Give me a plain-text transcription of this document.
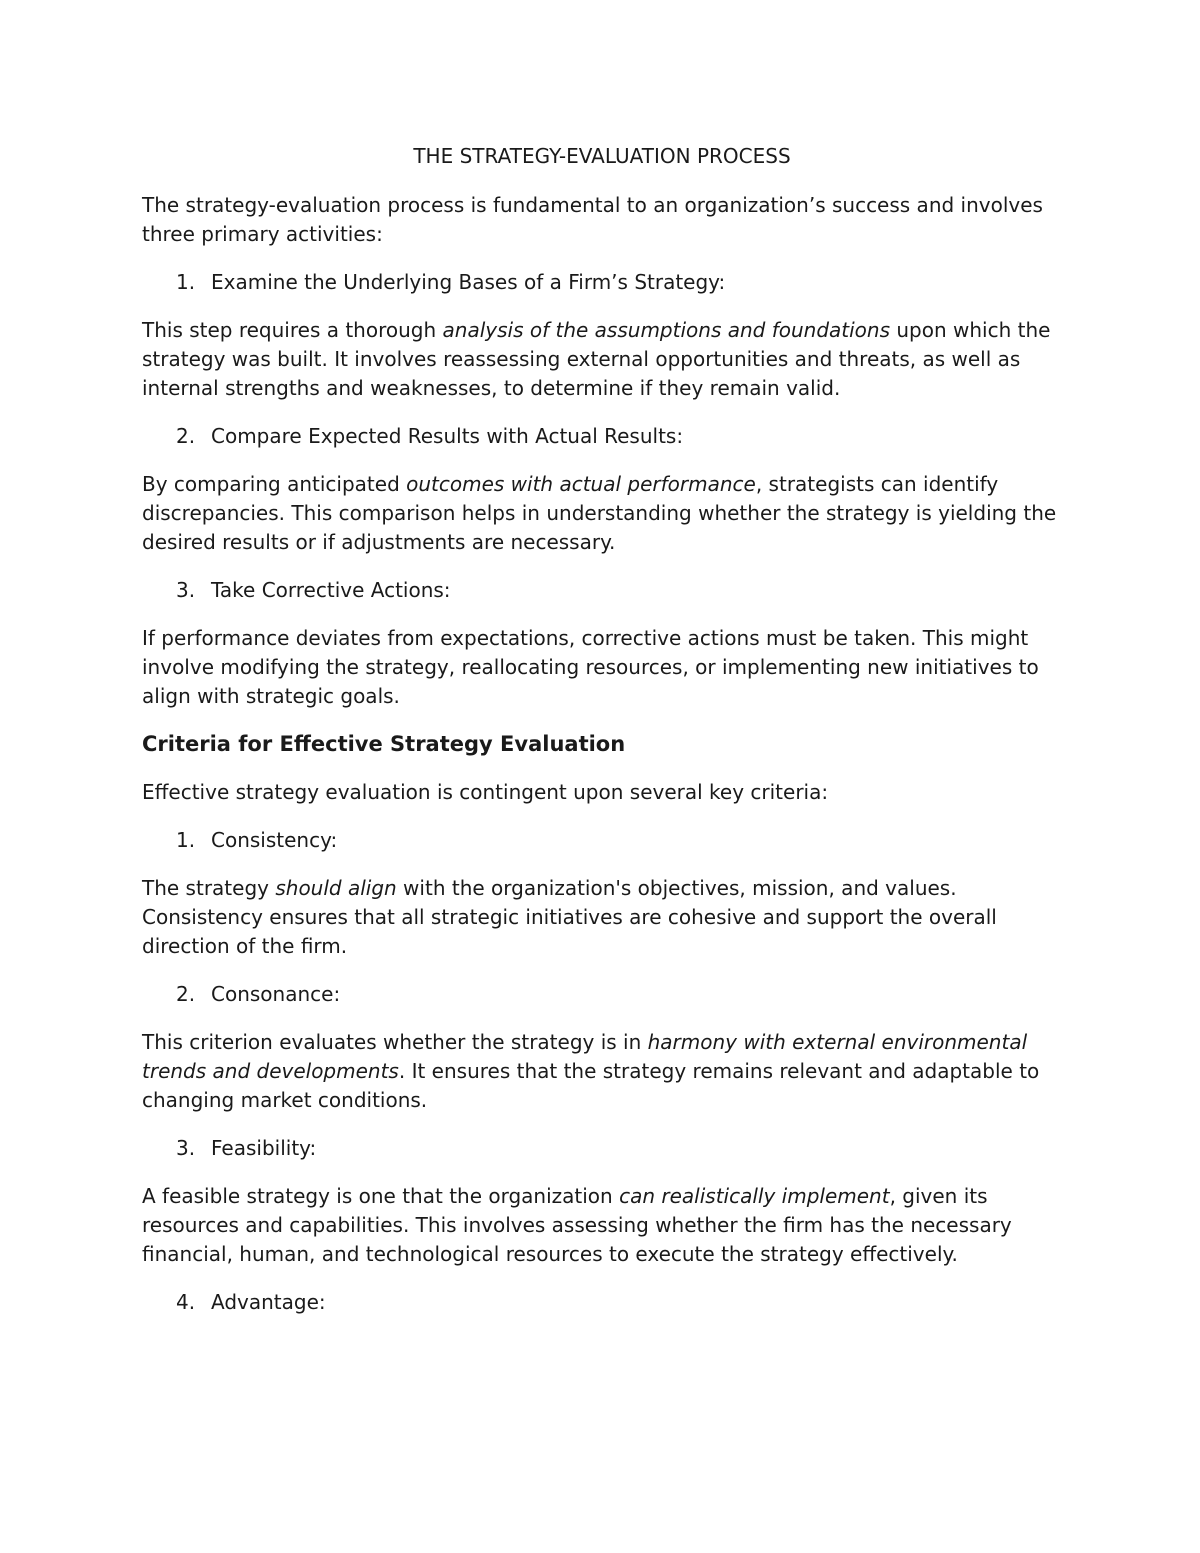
THE STRATEGY-EVALUATION PROCESS

The strategy-evaluation process is fundamental to an organization’s success and involves three primary activities:

1. Examine the Underlying Bases of a Firm’s Strategy:

This step requires a thorough analysis of the assumptions and foundations upon which the strategy was built. It involves reassessing external opportunities and threats, as well as internal strengths and weaknesses, to determine if they remain valid.

2. Compare Expected Results with Actual Results:

By comparing anticipated outcomes with actual performance, strategists can identify discrepancies. This comparison helps in understanding whether the strategy is yielding the desired results or if adjustments are necessary.

3. Take Corrective Actions:

If performance deviates from expectations, corrective actions must be taken. This might involve modifying the strategy, reallocating resources, or implementing new initiatives to align with strategic goals.

Criteria for Effective Strategy Evaluation

Effective strategy evaluation is contingent upon several key criteria:

1. Consistency:

The strategy should align with the organization's objectives, mission, and values. Consistency ensures that all strategic initiatives are cohesive and support the overall direction of the firm.

2. Consonance:

This criterion evaluates whether the strategy is in harmony with external environmental trends and developments. It ensures that the strategy remains relevant and adaptable to changing market conditions.

3. Feasibility:

A feasible strategy is one that the organization can realistically implement, given its resources and capabilities. This involves assessing whether the firm has the necessary financial, human, and technological resources to execute the strategy effectively.

4. Advantage:
